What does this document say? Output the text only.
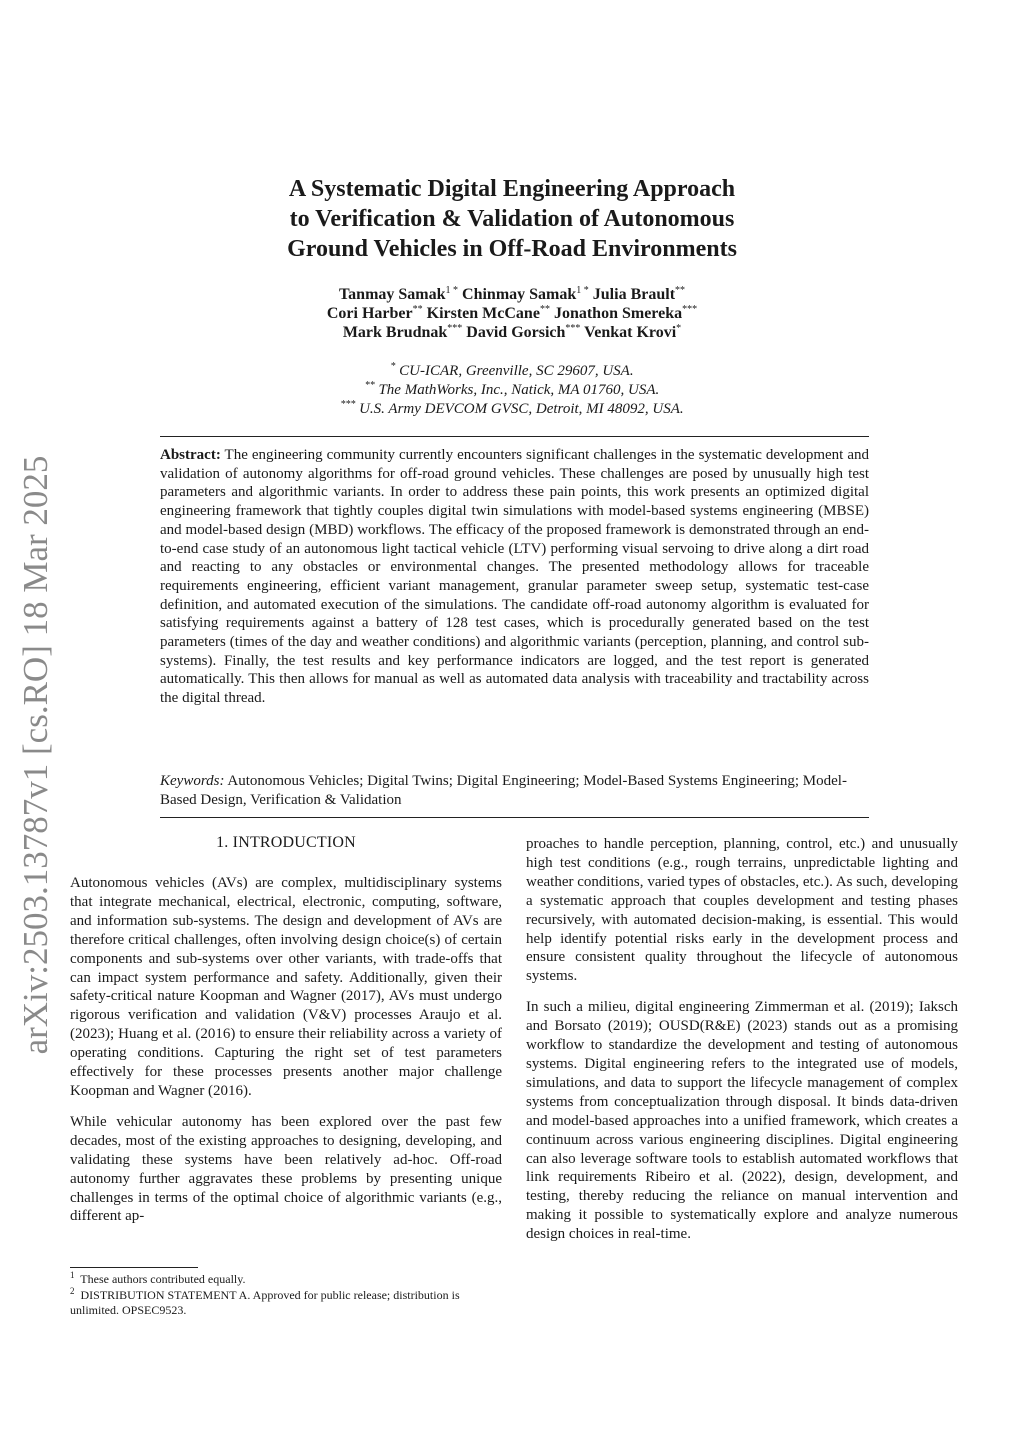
arXiv:2503.13787v1 [cs.RO] 18 Mar 2025
A Systematic Digital Engineering Approach
to Verification & Validation of Autonomous
Ground Vehicles in Off-Road Environments
Tanmay Samak$^{1 *}$ Chinmay Samak$^{1 *}$ Julia Brault**
Cori Harber** Kirsten McCane** Jonathon Smereka***
Mark Brudnak*** David Gorsich*** Venkat Krovi*
* CU-ICAR, Greenville, SC 29607, USA.
** The MathWorks, Inc., Natick, MA 01760, USA.
*** U.S. Army DEVCOM GVSC, Detroit, MI 48092, USA.
Abstract: The engineering community currently encounters significant challenges in the systematic development and validation of autonomy algorithms for off-road ground vehicles. These challenges are posed by unusually high test parameters and algorithmic variants. In order to address these pain points, this work presents an optimized digital engineering framework that tightly couples digital twin simulations with model-based systems engineering (MBSE) and model-based design (MBD) workflows. The efficacy of the proposed framework is demonstrated through an end-to-end case study of an autonomous light tactical vehicle (LTV) performing visual servoing to drive along a dirt road and reacting to any obstacles or environmental changes. The presented methodology allows for traceable requirements engineering, efficient variant management, granular parameter sweep setup, systematic test-case definition, and automated execution of the simulations. The candidate off-road autonomy algorithm is evaluated for satisfying requirements against a battery of 128 test cases, which is procedurally generated based on the test parameters (times of the day and weather conditions) and algorithmic variants (perception, planning, and control sub-systems). Finally, the test results and key performance indicators are logged, and the test report is generated automatically. This then allows for manual as well as automated data analysis with traceability and tractability across the digital thread.
Keywords: Autonomous Vehicles; Digital Twins; Digital Engineering; Model-Based Systems Engineering; Model-Based Design, Verification & Validation
1. INTRODUCTION

Autonomous vehicles (AVs) are complex, multidisciplinary systems that integrate mechanical, electrical, electronic, computing, software, and information sub-systems. The design and development of AVs are therefore critical challenges, often involving design choice(s) of certain components and sub-systems over other variants, with trade-offs that can impact system performance and safety. Additionally, given their safety-critical nature Koopman and Wagner (2017), AVs must undergo rigorous verification and validation (V&V) processes Araujo et al. (2023); Huang et al. (2016) to ensure their reliability across a variety of operating conditions. Capturing the right set of test parameters effectively for these processes presents another major challenge Koopman and Wagner (2016).

While vehicular autonomy has been explored over the past few decades, most of the existing approaches to designing, developing, and validating these systems have been relatively ad-hoc. Off-road autonomy further aggravates these problems by presenting unique challenges in terms of the optimal choice of algorithmic variants (e.g., different ap-

proaches to handle perception, planning, control, etc.) and unusually high test conditions (e.g., rough terrains, unpredictable lighting and weather conditions, varied types of obstacles, etc.). As such, developing a systematic approach that couples development and testing phases recursively, with automated decision-making, is essential. This would help identify potential risks early in the development process and ensure consistent quality throughout the lifecycle of autonomous systems.

In such a milieu, digital engineering Zimmerman et al. (2019); Iaksch and Borsato (2019); OUSD(R&E) (2023) stands out as a promising workflow to standardize the development and testing of autonomous systems. Digital engineering refers to the integrated use of models, simulations, and data to support the lifecycle management of complex systems from conceptualization through disposal. It binds data-driven and model-based approaches into a unified framework, which creates a continuum across various engineering disciplines. Digital engineering can also leverage software tools to establish automated workflows that link requirements Ribeiro et al. (2022), design, development, and testing, thereby reducing the reliance on manual intervention and making it possible to systematically explore and analyze numerous design choices in real-time.

$^1$ These authors contributed equally.
$^2$ DISTRIBUTION STATEMENT A. Approved for public release; distribution is unlimited. OPSEC9523.
